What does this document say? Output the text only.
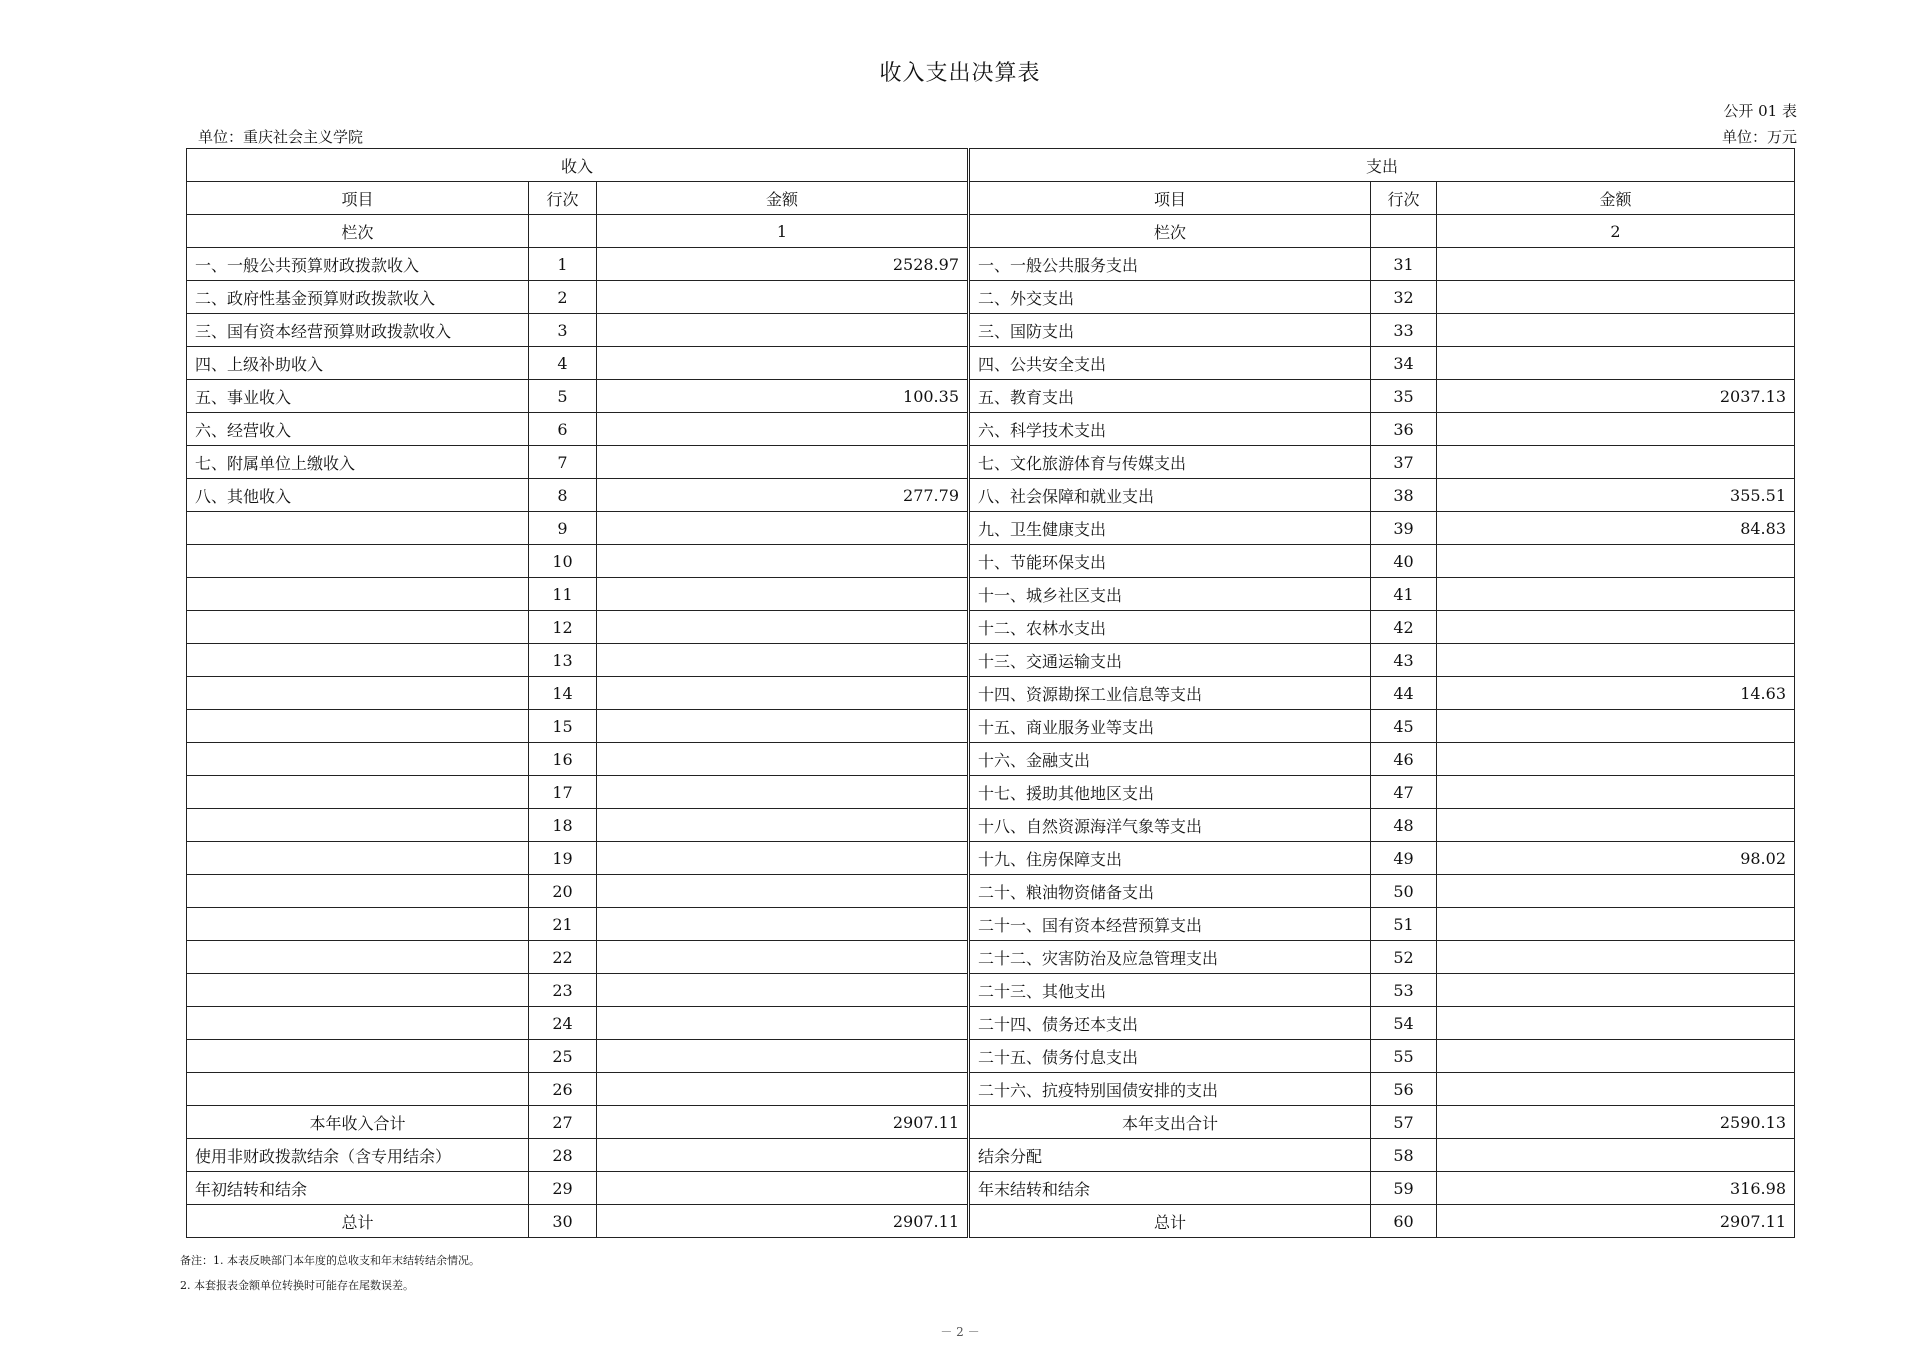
收入支出决算表
公开 01 表
单位：重庆社会主义学院	单位：万元
收入			支出		
项目	行次	金额	项目	行次	金额
栏次		1	栏次		2
一、一般公共预算财政拨款收入	1	2528.97	一、一般公共服务支出	31	
二、政府性基金预算财政拨款收入	2		二、外交支出	32	
三、国有资本经营预算财政拨款收入	3		三、国防支出	33	
四、上级补助收入	4		四、公共安全支出	34	
五、事业收入	5	100.35	五、教育支出	35	2037.13
六、经营收入	6		六、科学技术支出	36	
七、附属单位上缴收入	7		七、文化旅游体育与传媒支出	37	
八、其他收入	8	277.79	八、社会保障和就业支出	38	355.51
	9		九、卫生健康支出	39	84.83
	10		十、节能环保支出	40	
	11		十一、城乡社区支出	41	
	12		十二、农林水支出	42	
	13		十三、交通运输支出	43	
	14		十四、资源勘探工业信息等支出	44	14.63
	15		十五、商业服务业等支出	45	
	16		十六、金融支出	46	
	17		十七、援助其他地区支出	47	
	18		十八、自然资源海洋气象等支出	48	
	19		十九、住房保障支出	49	98.02
	20		二十、粮油物资储备支出	50	
	21		二十一、国有资本经营预算支出	51	
	22		二十二、灾害防治及应急管理支出	52	
	23		二十三、其他支出	53	
	24		二十四、债务还本支出	54	
	25		二十五、债务付息支出	55	
	26		二十六、抗疫特别国债安排的支出	56	
本年收入合计	27	2907.11	本年支出合计	57	2590.13
使用非财政拨款结余（含专用结余）	28		结余分配	58	
年初结转和结余	29		年末结转和结余	59	316.98
总计	30	2907.11	总计	60	2907.11
备注：1. 本表反映部门本年度的总收支和年末结转结余情况。
2. 本套报表金额单位转换时可能存在尾数误差。
－ 2 －
